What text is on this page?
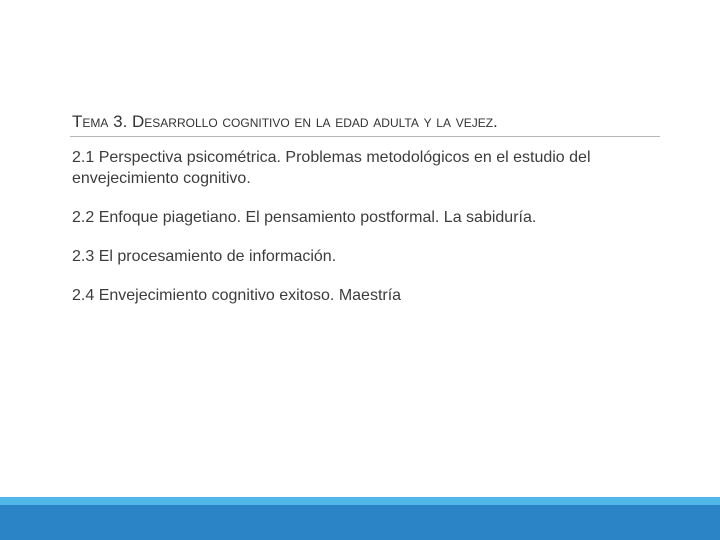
Tema 3. Desarrollo cognitivo en la edad adulta y la vejez.
2.1 Perspectiva psicométrica. Problemas metodológicos en el estudio del envejecimiento cognitivo.
2.2 Enfoque piagetiano. El pensamiento postformal. La sabiduría.
2.3 El procesamiento de información.
2.4 Envejecimiento cognitivo exitoso. Maestría
